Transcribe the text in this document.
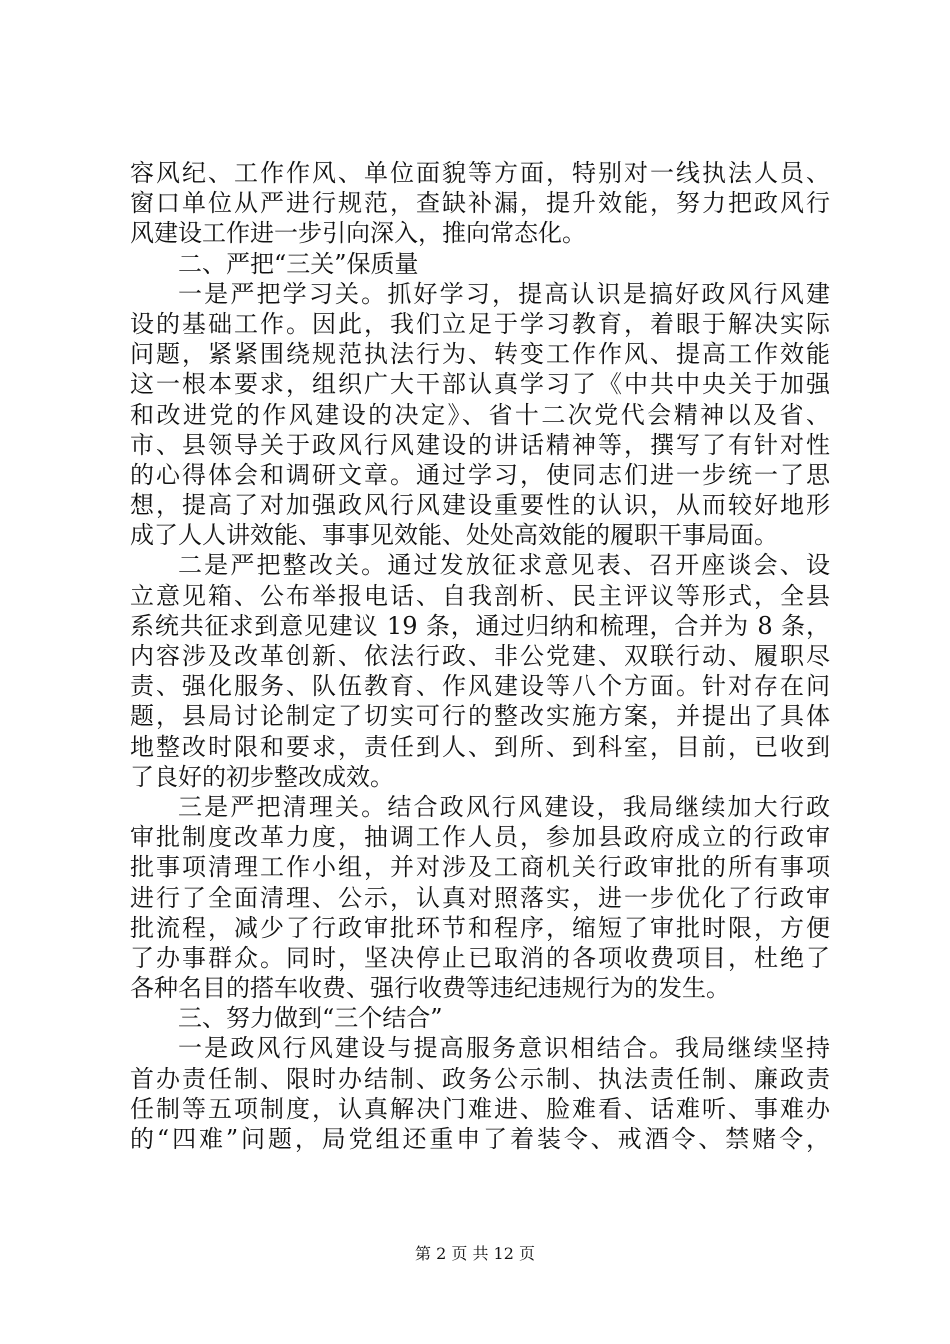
容风纪、工作作风、单位面貌等方面，特别对一线执法人员、
窗口单位从严进行规范，查缺补漏，提升效能，努力把政风行
风建设工作进一步引向深入，推向常态化。
二、严把“三关”保质量
一是严把学习关。抓好学习，提高认识是搞好政风行风建
设的基础工作。因此，我们立足于学习教育，着眼于解决实际
问题，紧紧围绕规范执法行为、转变工作作风、提高工作效能
这一根本要求，组织广大干部认真学习了《中共中央关于加强
和改进党的作风建设的决定》、省十二次党代会精神以及省、
市、县领导关于政风行风建设的讲话精神等，撰写了有针对性
的心得体会和调研文章。通过学习，使同志们进一步统一了思
想，提高了对加强政风行风建设重要性的认识，从而较好地形
成了人人讲效能、事事见效能、处处高效能的履职干事局面。
二是严把整改关。通过发放征求意见表、召开座谈会、设
立意见箱、公布举报电话、自我剖析、民主评议等形式，全县
系统共征求到意见建议 19 条，通过归纳和梳理，合并为 8 条，
内容涉及改革创新、依法行政、非公党建、双联行动、履职尽
责、强化服务、队伍教育、作风建设等八个方面。针对存在问
题，县局讨论制定了切实可行的整改实施方案，并提出了具体
地整改时限和要求，责任到人、到所、到科室，目前，已收到
了良好的初步整改成效。
三是严把清理关。结合政风行风建设，我局继续加大行政
审批制度改革力度，抽调工作人员，参加县政府成立的行政审
批事项清理工作小组，并对涉及工商机关行政审批的所有事项
进行了全面清理、公示，认真对照落实，进一步优化了行政审
批流程，减少了行政审批环节和程序，缩短了审批时限，方便
了办事群众。同时，坚决停止已取消的各项收费项目，杜绝了
各种名目的搭车收费、强行收费等违纪违规行为的发生。
三、努力做到“三个结合”
一是政风行风建设与提高服务意识相结合。我局继续坚持
首办责任制、限时办结制、政务公示制、执法责任制、廉政责
任制等五项制度，认真解决门难进、脸难看、话难听、事难办
的“四难”问题，局党组还重申了着装令、戒酒令、禁赌令，
第 2 页 共 12 页
